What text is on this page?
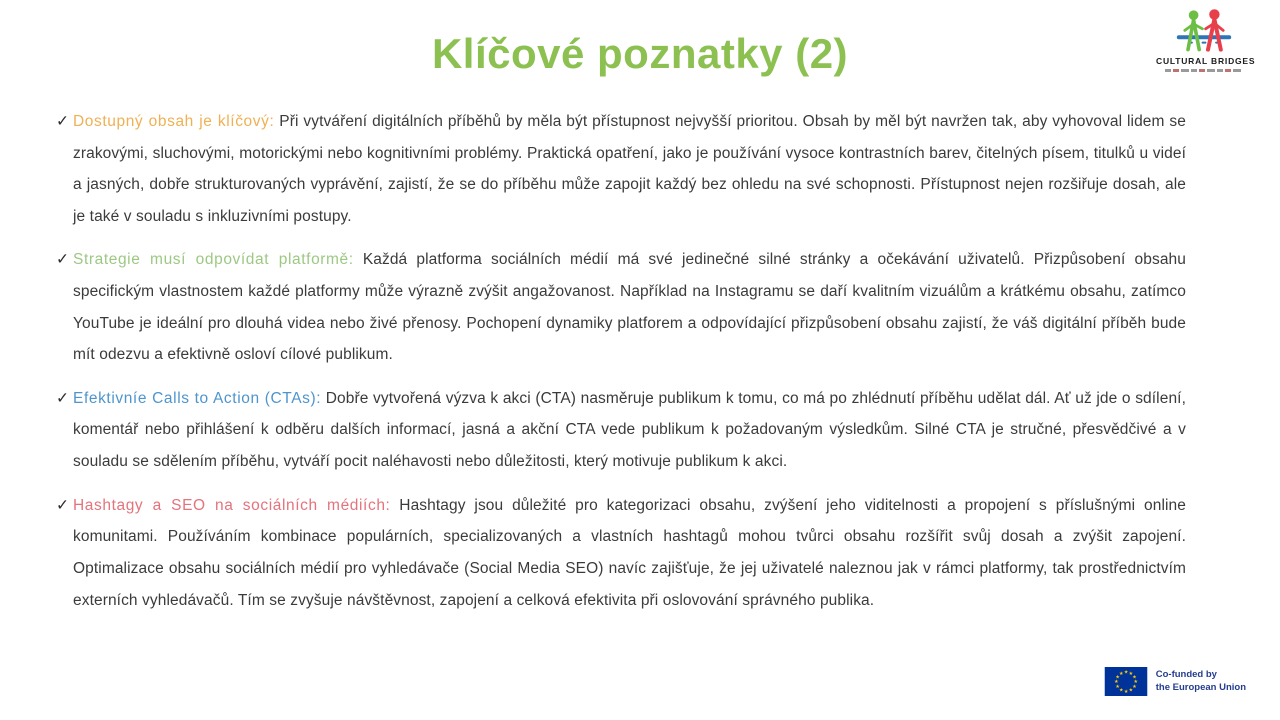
Klíčové poznatky (2)	CULTURAL BRIDGES

✓ Dostupný obsah je klíčový: Při vytváření digitálních příběhů by měla být přístupnost nejvyšší prioritou. Obsah by měl být navržen tak, aby vyhovoval lidem se zrakovými, sluchovými, motorickými nebo kognitivními problémy. Praktická opatření, jako je používání vysoce kontrastních barev, čitelných písem, titulků u videí a jasných, dobře strukturovaných vyprávění, zajistí, že se do příběhu může zapojit každý bez ohledu na své schopnosti. Přístupnost nejen rozšiřuje dosah, ale je také v souladu s inkluzivními postupy.

✓ Strategie musí odpovídat platformě: Každá platforma sociálních médií má své jedinečné silné stránky a očekávání uživatelů. Přizpůsobení obsahu specifickým vlastnostem každé platformy může výrazně zvýšit angažovanost. Například na Instagramu se daří kvalitním vizuálům a krátkému obsahu, zatímco YouTube je ideální pro dlouhá videa nebo živé přenosy. Pochopení dynamiky platforem a odpovídající přizpůsobení obsahu zajistí, že váš digitální příběh bude mít odezvu a efektivně osloví cílové publikum.

✓ Efektivníe Calls to Action (CTAs): Dobře vytvořená výzva k akci (CTA) nasměruje publikum k tomu, co má po zhlédnutí příběhu udělat dál. Ať už jde o sdílení, komentář nebo přihlášení k odběru dalších informací, jasná a akční CTA vede publikum k požadovaným výsledkům. Silné CTA je stručné, přesvědčivé a v souladu se sdělením příběhu, vytváří pocit naléhavosti nebo důležitosti, který motivuje publikum k akci.

✓ Hashtagy a SEO na sociálních médiích: Hashtagy jsou důležité pro kategorizaci obsahu, zvýšení jeho viditelnosti a propojení s příslušnými online komunitami. Používáním kombinace populárních, specializovaných a vlastních hashtagů mohou tvůrci obsahu rozšířit svůj dosah a zvýšit zapojení. Optimalizace obsahu sociálních médií pro vyhledávače (Social Media SEO) navíc zajišťuje, že jej uživatelé naleznou jak v rámci platformy, tak prostřednictvím externích vyhledávačů. Tím se zvyšuje návštěvnost, zapojení a celková efektivita při oslovování správného publika.

★ ★
★
★
★
★
★
★
★
★
★
★	Co-funded by
the European Union
